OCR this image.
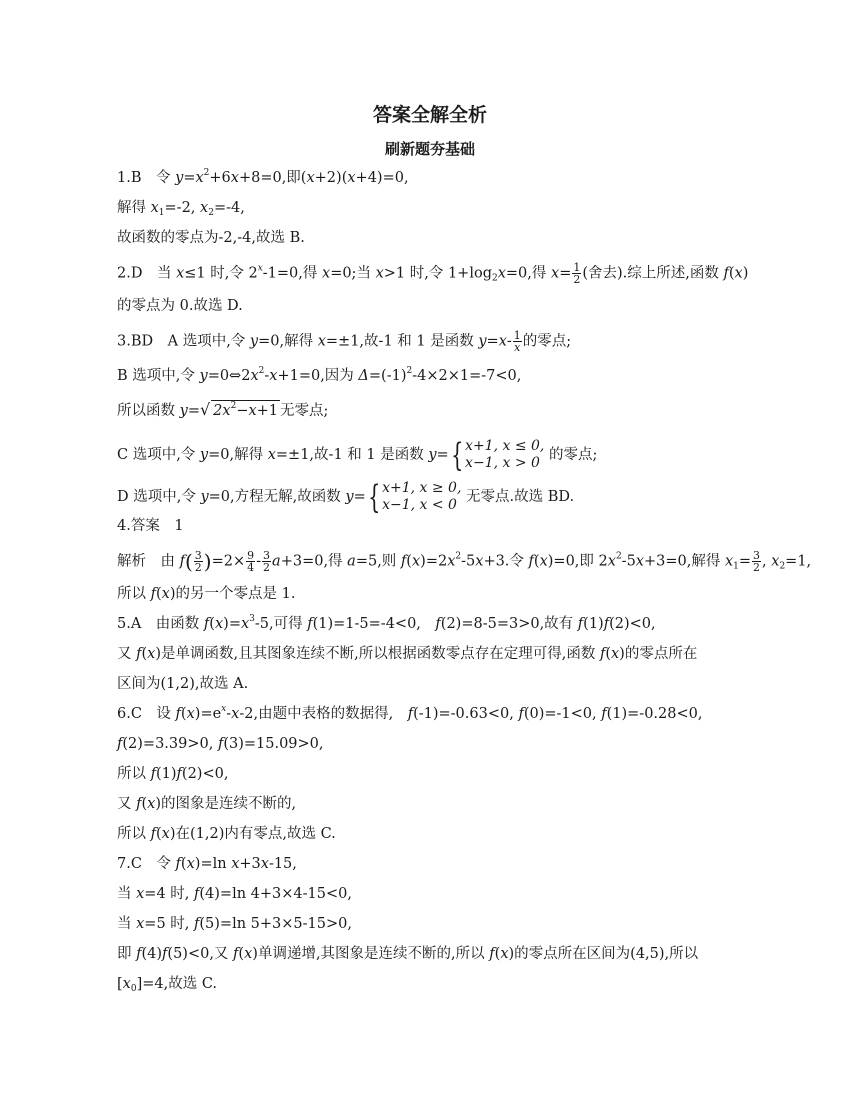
答案全解全析
刷新题夯基础
1.B　令 $y=x^2+6x+8=0$,即(x+2)(x+4)=0,
解得 $x_1=-2$, $x_2=-4$,
故函数的零点为-2,-4,故选 B.
2.D　当 x≤1 时,令 $2^x-1=0$,得 x=0;当 x>1 时,令 $1+\log_2x=0$,得 $x= \frac{1}{2}$ (舍去).综上所述,函数 f(x)
的零点为 0.故选 D.
3.BD　A 选项中,令 y=0,解得 x=±1,故-1 和 1 是函数 $y=x- \frac{1}{x}$ 的零点;
B 选项中,令 $y=0\Leftrightarrow 2x^2-x+1=0$,因为 $\Delta=(-1)^2-4\times 2\times 1=-7<0$,
所以函数 y=√ $2x^2-x+1$ 无零点;
C 选项中,令 y=0,解得 x=±1,故-1 和 1 是函数 y={ x+1, x ≤ 0,
x−1, x > 0 的零点;
D 选项中,令 y=0,方程无解,故函数 y={ x+1, x ≥ 0,
x−1, x < 0 无零点.故选 BD.
4.答案　1
解析　由 $f( \frac{3}{2} )=2\times \frac{9}{4} - \frac{3}{2} a+3=0$,得 a=5,则 $f(x)=2x^2-5x+3$.令 f(x)=0,即 $2x^2-5x+3=0$,解得 $x_1= \frac{3}{2}$ , $x_2=1$,
所以 f(x)的另一个零点是 1.
5.A　由函数 $f(x)=x^3-5$,可得 f(1)=1-5=-4<0,　f(2)=8-5=3>0,故有 f(1)f(2)<0,
又 f(x)是单调函数,且其图象连续不断,所以根据函数零点存在定理可得,函数 f(x)的零点所在
区间为(1,2),故选 A.
6.C　设 $f(x)=e^x-x-2$,由题中表格的数据得,　f(-1)=-0.63<0, f(0)=-1<0, f(1)=-0.28<0,
f(2)=3.39>0, f(3)=15.09>0,
所以 f(1)f(2)<0,
又 f(x)的图象是连续不断的,
所以 f(x)在(1,2)内有零点,故选 C.
7.C　令 f(x)=ln x+3x-15,
当 x=4 时, f(4)=ln 4+3×4-15<0,
当 x=5 时, f(5)=ln 5+3×5-15>0,
即 f(4)f(5)<0,又 f(x)单调递增,其图象是连续不断的,所以 f(x)的零点所在区间为(4,5),所以
$[x_0]=4$,故选 C.
